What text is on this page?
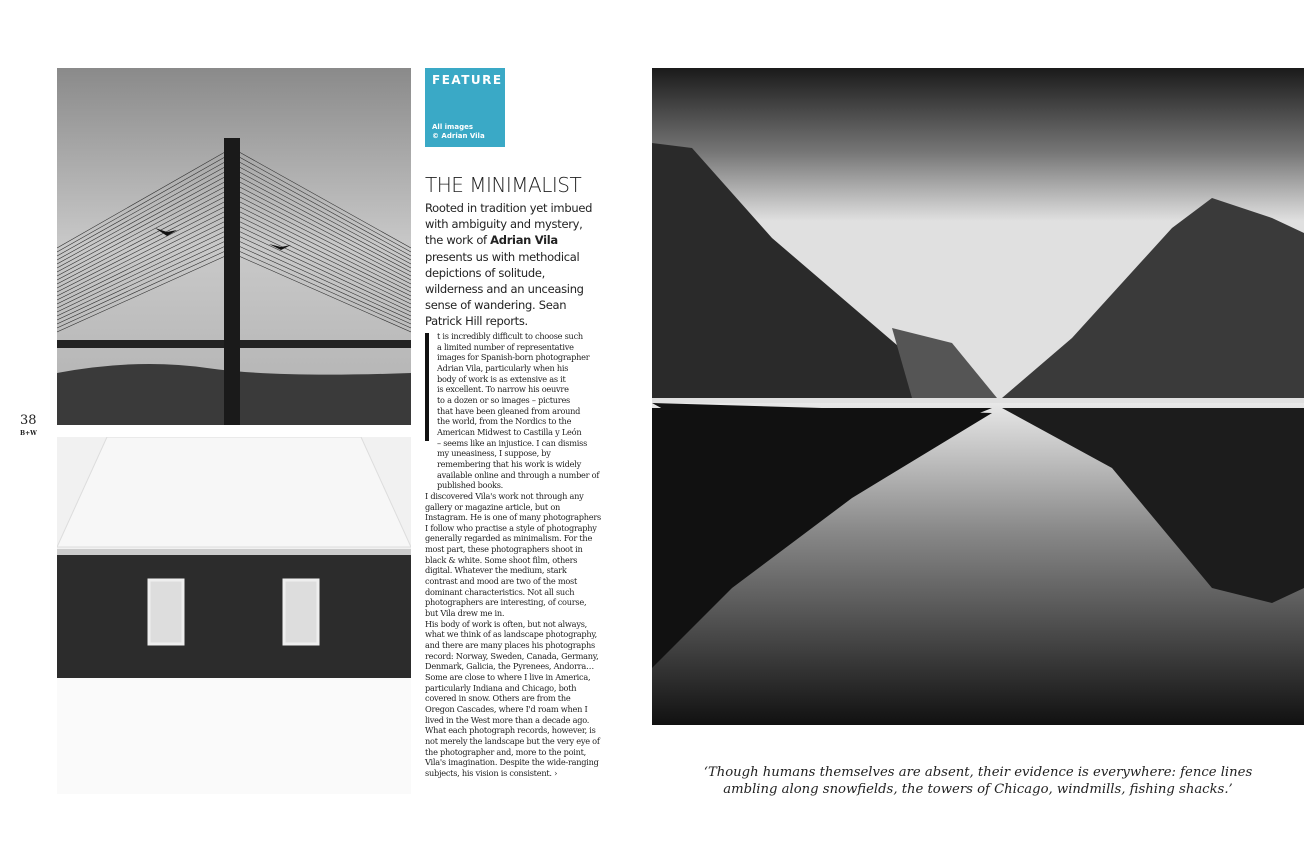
FEATURE
All images
© Adrian Vila
THE MINIMALIST
Rooted in tradition yet imbued with ambiguity and mystery, the work of Adrian Vila presents us with methodical depictions of solitude, wilderness and an unceasing sense of wandering. Sean Patrick Hill reports.

t is incredibly difficult to choose such
a limited number of representative
images for Spanish-born photographer
Adrian Vila, particularly when his
body of work is as extensive as it
is excellent. To narrow his oeuvre
to a dozen or so images – pictures
that have been gleaned from around
the world, from the Nordics to the
American Midwest to Castilla y León
– seems like an injustice. I can dismiss my uneasiness, I suppose, by remembering that his work is widely available online and through a number of published books.

I discovered Vila's work not through any gallery or magazine article, but on Instagram. He is one of many photographers I follow who practise a style of photography generally regarded as minimalism. For the most part, these photographers shoot in black & white. Some shoot film, others digital. Whatever the medium, stark contrast and mood are two of the most dominant characteristics. Not all such photographers are interesting, of course, but Vila drew me in.

His body of work is often, but not always, what we think of as landscape photography, and there are many places his photographs record: Norway, Sweden, Canada, Germany, Denmark, Galicia, the Pyrenees, Andorra… Some are close to where I live in America, particularly Indiana and Chicago, both covered in snow. Others are from the Oregon Cascades, where I'd roam when I lived in the West more than a decade ago. What each photograph records, however, is not merely the landscape but the very eye of the photographer and, more to the point, Vila's imagination. Despite the wide-ranging subjects, his vision is consistent. ›

38
B+W
‘Though humans themselves are absent, their evidence is everywhere: fence lines ambling along snowfields, the towers of Chicago, windmills, fishing shacks.’
